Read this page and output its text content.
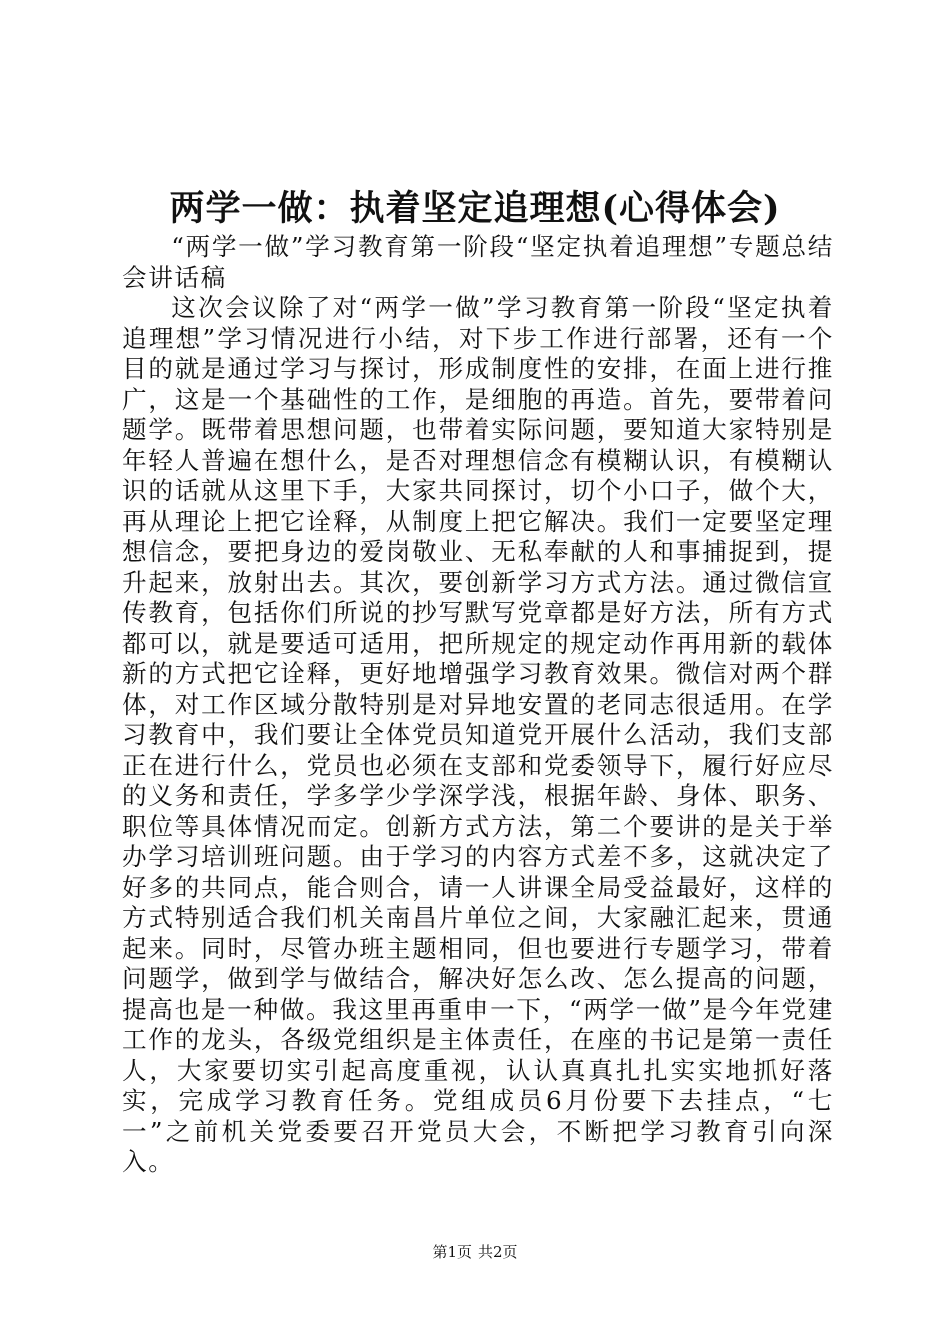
两学一做：执着坚定追理想(心得体会)

“两学一做”学习教育第一阶段“坚定执着追理想”专题总结会讲话稿

这次会议除了对“两学一做”学习教育第一阶段“坚定执着追理想”学习情况进行小结，对下步工作进行部署，还有一个目的就是通过学习与探讨，形成制度性的安排，在面上进行推广，这是一个基础性的工作，是细胞的再造。首先，要带着问题学。既带着思想问题，也带着实际问题，要知道大家特别是年轻人普遍在想什么，是否对理想信念有模糊认识，有模糊认识的话就从这里下手，大家共同探讨，切个小口子，做个大，再从理论上把它诠释，从制度上把它解决。我们一定要坚定理想信念，要把身边的爱岗敬业、无私奉献的人和事捕捉到，提升起来，放射出去。其次，要创新学习方式方法。通过微信宣传教育，包括你们所说的抄写默写党章都是好方法，所有方式都可以，就是要适可适用，把所规定的规定动作再用新的载体新的方式把它诠释，更好地增强学习教育效果。微信对两个群体，对工作区域分散特别是对异地安置的老同志很适用。在学习教育中，我们要让全体党员知道党开展什么活动，我们支部正在进行什么，党员也必须在支部和党委领导下，履行好应尽的义务和责任，学多学少学深学浅，根据年龄、身体、职务、职位等具体情况而定。创新方式方法，第二个要讲的是关于举办学习培训班问题。由于学习的内容方式差不多，这就决定了好多的共同点，能合则合，请一人讲课全局受益最好，这样的方式特别适合我们机关南昌片单位之间，大家融汇起来，贯通起来。同时，尽管办班主题相同，但也要进行专题学习，带着问题学，做到学与做结合，解决好怎么改、怎么提高的问题，提高也是一种做。我这里再重申一下，“两学一做”是今年党建工作的龙头，各级党组织是主体责任，在座的书记是第一责任人，大家要切实引起高度重视，认认真真扎扎实实地抓好落实，完成学习教育任务。党组成员6月份要下去挂点，“七一”之前机关党委要召开党员大会，不断把学习教育引向深入。

第1页 共2页
